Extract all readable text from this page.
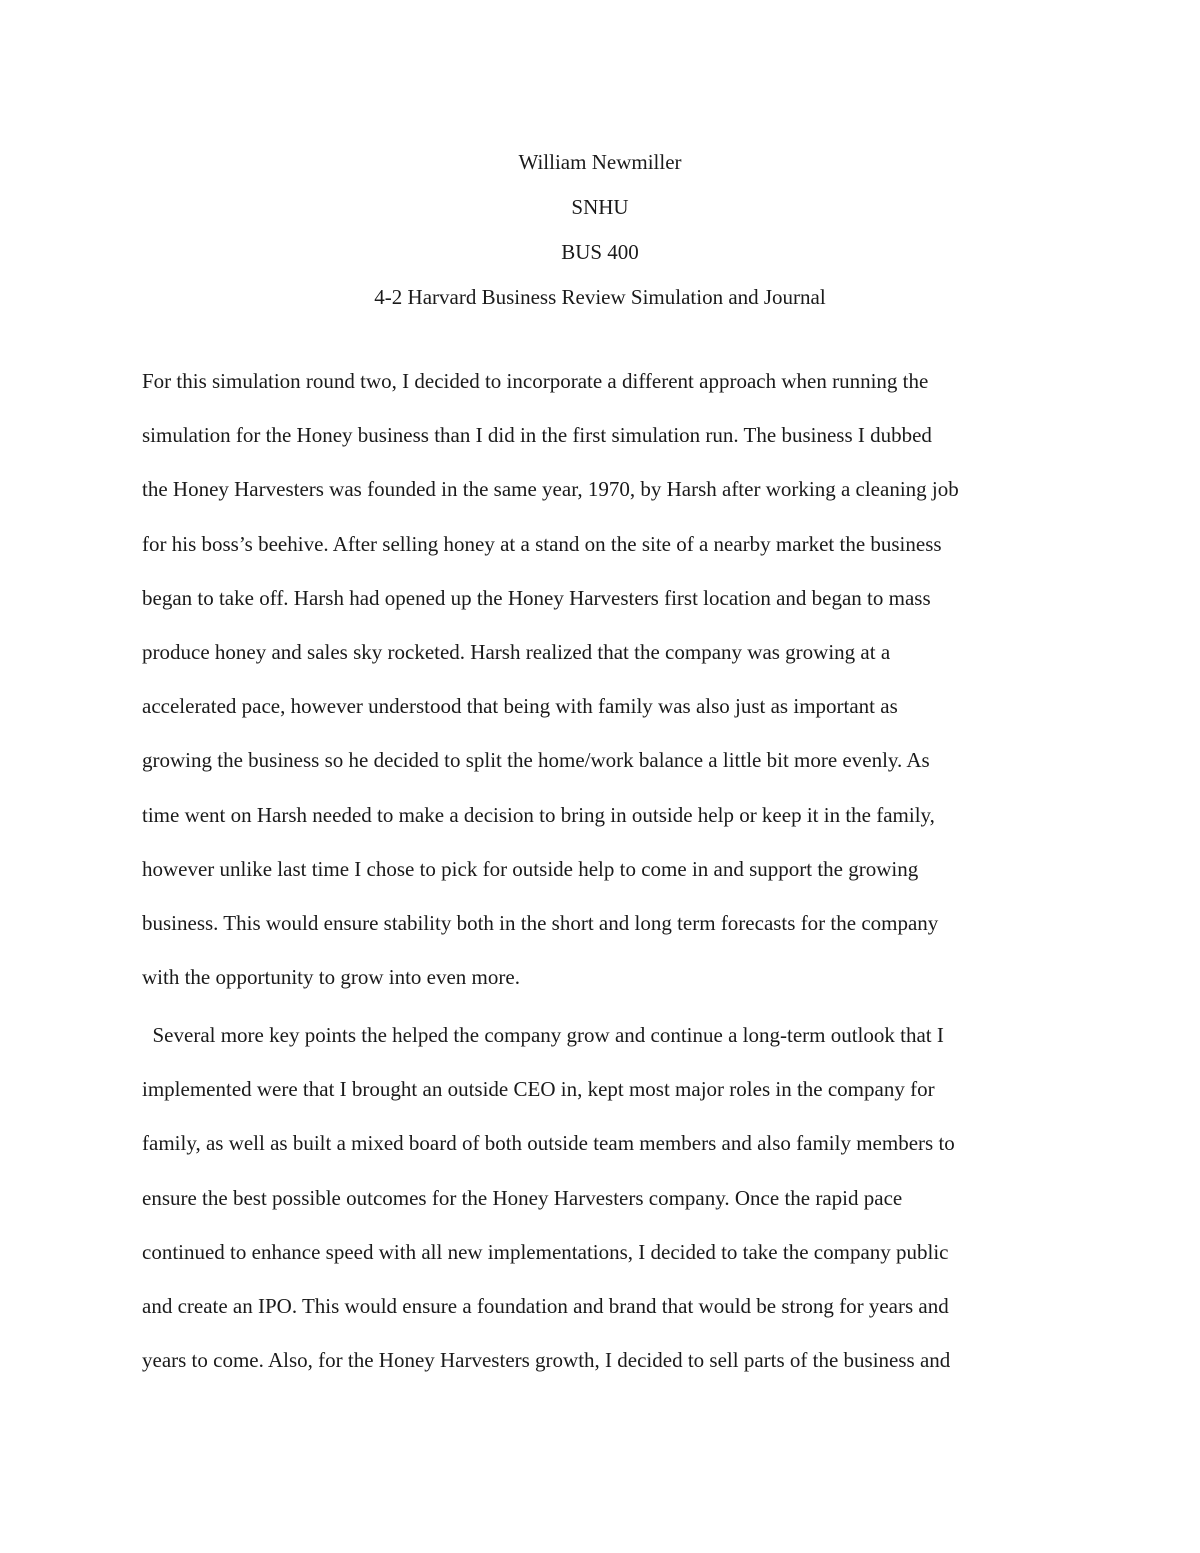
William Newmiller
SNHU
BUS 400
4-2 Harvard Business Review Simulation and Journal
For this simulation round two, I decided to incorporate a different approach when running the
simulation for the Honey business than I did in the first simulation run. The business I dubbed
the Honey Harvesters was founded in the same year, 1970, by Harsh after working a cleaning job
for his boss’s beehive. After selling honey at a stand on the site of a nearby market the business
began to take off. Harsh had opened up the Honey Harvesters first location and began to mass
produce honey and sales sky rocketed. Harsh realized that the company was growing at a
accelerated pace, however understood that being with family was also just as important as
growing the business so he decided to split the home/work balance a little bit more evenly. As
time went on Harsh needed to make a decision to bring in outside help or keep it in the family,
however unlike last time I chose to pick for outside help to come in and support the growing
business. This would ensure stability both in the short and long term forecasts for the company
with the opportunity to grow into even more.
Several more key points the helped the company grow and continue a long-term outlook that I
implemented were that I brought an outside CEO in, kept most major roles in the company for
family, as well as built a mixed board of both outside team members and also family members to
ensure the best possible outcomes for the Honey Harvesters company. Once the rapid pace
continued to enhance speed with all new implementations, I decided to take the company public
and create an IPO. This would ensure a foundation and brand that would be strong for years and
years to come. Also, for the Honey Harvesters growth, I decided to sell parts of the business and
